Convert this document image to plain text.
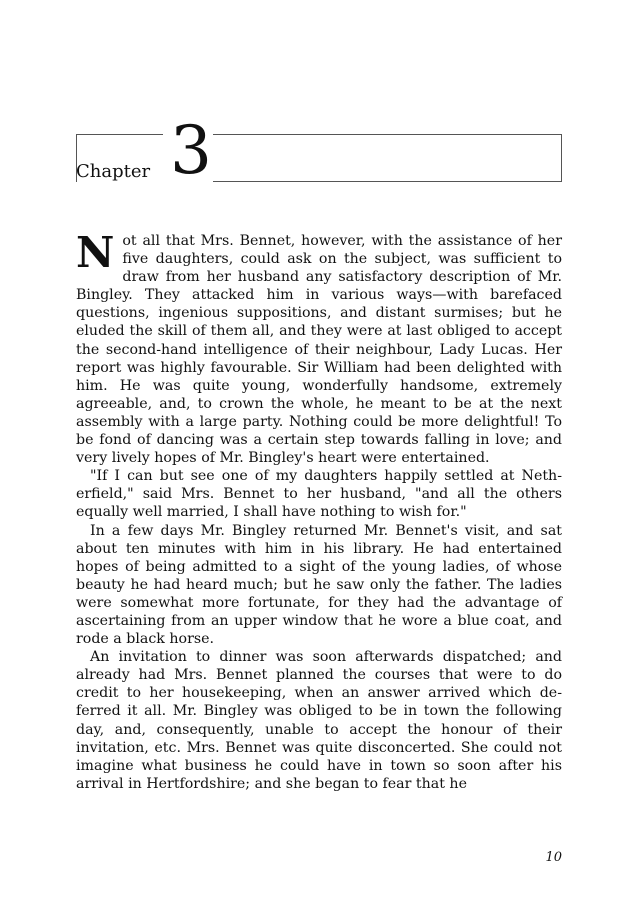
Chapter 3

Not all that Mrs. Bennet, however, with the assistance of her five daughters, could ask on the subject, was sufficient to draw from her husband any satisfactory description of Mr. Bingley. They attacked him in various ways—with barefaced questions, ingenious suppositions, and distant surmises; but he eluded the skill of them all, and they were at last obliged to accept the second-hand intelligence of their neighbour, Lady Lucas. Her report was highly favourable. Sir William had been delighted with him. He was quite young, wonderfully handsome, extremely agreeable, and, to crown the whole, he meant to be at the next assembly with a large party. Nothing could be more delightful! To be fond of dancing was a certain step towards falling in love; and very lively hopes of Mr. Bingley's heart were entertained.

"If I can but see one of my daughters happily settled at Netherfield," said Mrs. Bennet to her husband, "and all the others equally well married, I shall have nothing to wish for."

In a few days Mr. Bingley returned Mr. Bennet's visit, and sat about ten minutes with him in his library. He had entertained hopes of being admitted to a sight of the young ladies, of whose beauty he had heard much; but he saw only the father. The ladies were somewhat more fortunate, for they had the advantage of ascertaining from an upper window that he wore a blue coat, and rode a black horse.

An invitation to dinner was soon afterwards dispatched; and already had Mrs. Bennet planned the courses that were to do credit to her housekeeping, when an answer arrived which deferred it all. Mr. Bingley was obliged to be in town the following day, and, consequently, unable to accept the honour of their invitation, etc. Mrs. Bennet was quite disconcerted. She could not imagine what business he could have in town so soon after his arrival in Hertfordshire; and she began to fear that he

10
